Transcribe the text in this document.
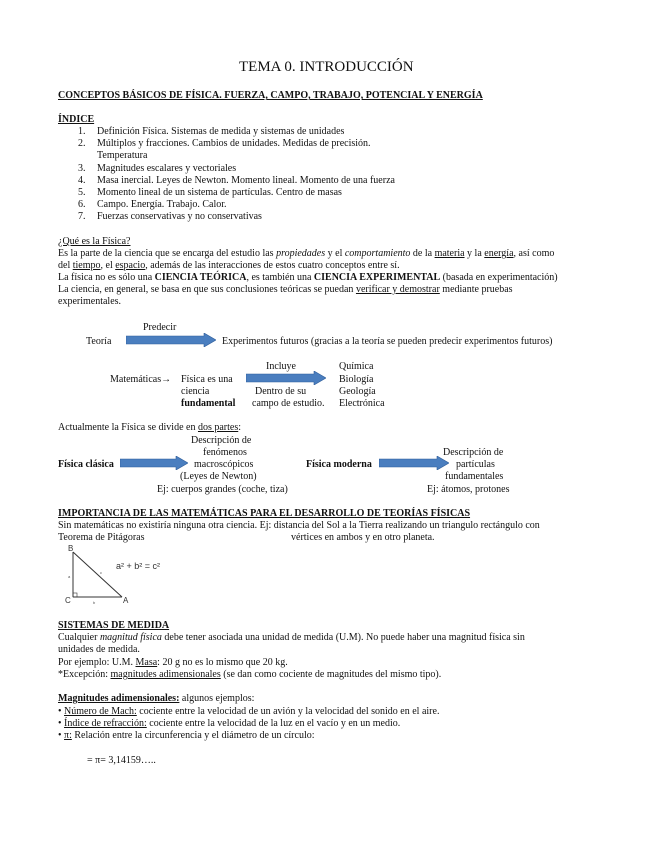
TEMA 0. INTRODUCCIÓN
CONCEPTOS BÁSICOS DE FÍSICA. FUERZA, CAMPO, TRABAJO, POTENCIAL Y ENERGÍA
ÍNDICE
1. Definición Física. Sistemas de medida y sistemas de unidades
2. Múltiplos y fracciones. Cambios de unidades. Medidas de precisión.
Temperatura
3. Magnitudes escalares y vectoriales
4. Masa inercial. Leyes de Newton. Momento lineal. Momento de una fuerza
5. Momento lineal de un sistema de partículas. Centro de masas
6. Campo. Energía. Trabajo. Calor.
7. Fuerzas conservativas y no conservativas
¿Qué es la Física?
Es la parte de la ciencia que se encarga del estudio las propiedades y el comportamiento de la materia y la energía, así como
del tiempo, el espacio, además de las interacciones de estos cuatro conceptos entre sí.
La física no es sólo una CIENCIA TEÓRICA, es también una CIENCIA EXPERIMENTAL (basada en experimentación)
La ciencia, en general, se basa en que sus conclusiones teóricas se puedan verificar y demostrar mediante pruebas
experimentales.
Predecir
Teoría	Experimentos futuros (gracias a la teoría se pueden predecir experimentos futuros)
Incluye	Química
Matemáticas→ Física es una	Biología
ciencia	Dentro de su	Geología
fundamental campo de estudio. Electrónica
Actualmente la Física se divide en dos partes:
Descripción de
fenómenos	Descripción de
Física clásica	macroscópicos	Física moderna	partículas
(Leyes de Newton)	fundamentales
Ej: cuerpos grandes (coche, tiza)	Ej: átomos, protones
IMPORTANCIA DE LAS MATEMÁTICAS PARA EL DESARROLLO DE TEORÍAS FÍSICAS
Sin matemáticas no existiría ninguna otra ciencia. Ej: distancia del Sol a la Tierra realizando un triangulo rectángulo con
Teorema de Pitágoras	vértices en ambos y en otro planeta.
B
C	A
a
b
c
a² + b² = c²
SISTEMAS DE MEDIDA
Cualquier magnitud física debe tener asociada una unidad de medida (U.M). No puede haber una magnitud física sin
unidades de medida.
Por ejemplo: U.M. Masa: 20 g no es lo mismo que 20 kg.
*Excepción: magnitudes adimensionales (se dan como cociente de magnitudes del mismo tipo).
Magnitudes adimensionales: algunos ejemplos:
• Número de Mach: cociente entre la velocidad de un avión y la velocidad del sonido en el aire.
• Índice de refracción: cociente entre la velocidad de la luz en el vacío y en un medio.
• π: Relación entre la circunferencia y el diámetro de un círculo:
= π= 3,14159…..
